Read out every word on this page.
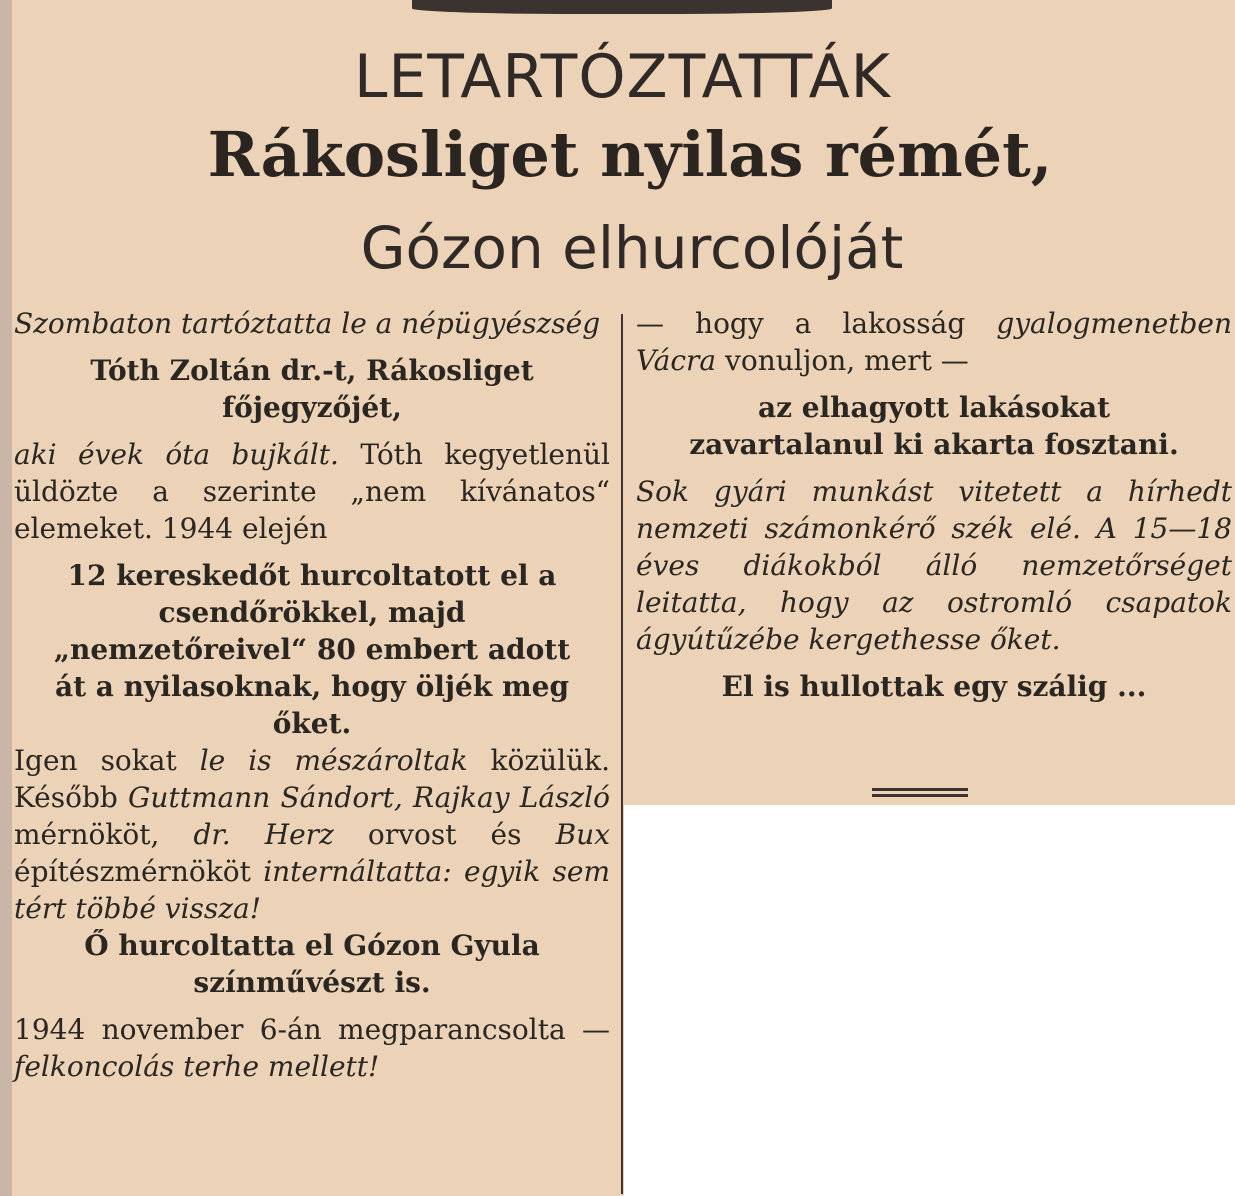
LETARTÓZTATTÁK
Rákosliget nyilas rémét,
Gózon elhurcolóját

Szombaton tartóztatta le a népügyészség

Tóth Zoltán dr.-t, Rákosliget főjegyzőjét,

aki évek óta bujkált. Tóth kegyetlenül üldözte a szerinte „nem kívánatos“ elemeket. 1944 elején

12 kereskedőt hurcoltatott el a csendőrökkel, majd „nemzetőreivel“ 80 embert adott át a nyilasoknak, hogy öljék meg őket.

Igen sokat le is mészároltak közülük. Később Guttmann Sándort, Rajkay László mérnököt, dr. Herz orvost és Bux építészmérnököt internáltatta: egyik sem tért többé vissza!

Ő hurcoltatta el Gózon Gyula színművészt is.

1944 november 6-án megparancsolta — felkoncolás terhe mellett!

— hogy a lakosság gyalogmenetben Vácra vonuljon, mert —

az elhagyott lakásokat zavartalanul ki akarta fosztani.

Sok gyári munkást vitetett a hírhedt nemzeti számonkérő szék elé. A 15—18 éves diákokból álló nemzetőrséget leitatta, hogy az ostromló csapatok ágyútűzébe kergethesse őket.

El is hullottak egy szálig ...
